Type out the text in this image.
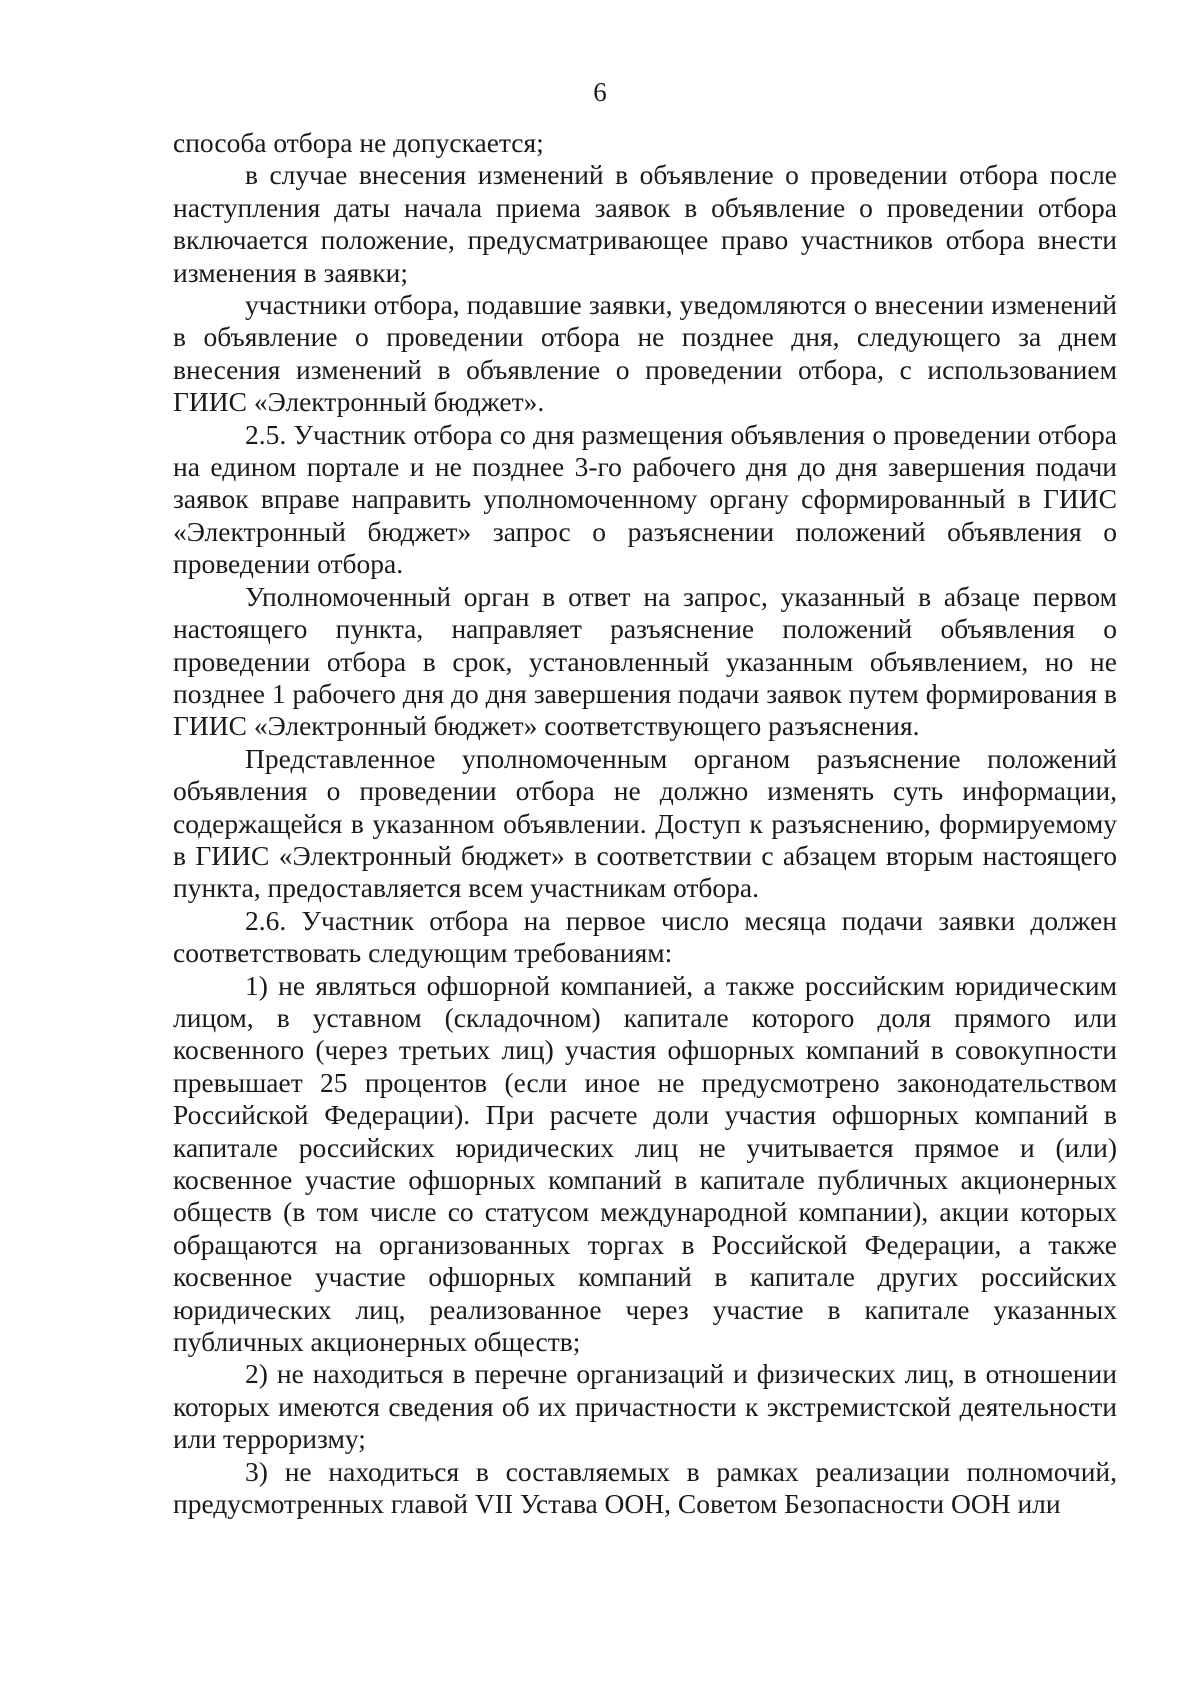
6

способа отбора не допускается;

в случае внесения изменений в объявление о проведении отбора после наступления даты начала приема заявок в объявление о проведении отбора включается положение, предусматривающее право участников отбора внести изменения в заявки;

участники отбора, подавшие заявки, уведомляются о внесении изменений в объявление о проведении отбора не позднее дня, следующего за днем внесения изменений в объявление о проведении отбора, с использованием ГИИС «Электронный бюджет».

2.5. Участник отбора со дня размещения объявления о проведении отбора на едином портале и не позднее 3-го рабочего дня до дня завершения подачи заявок вправе направить уполномоченному органу сформированный в ГИИС «Электронный бюджет» запрос о разъяснении положений объявления о проведении отбора.

Уполномоченный орган в ответ на запрос, указанный в абзаце первом настоящего пункта, направляет разъяснение положений объявления о проведении отбора в срок, установленный указанным объявлением, но не позднее 1 рабочего дня до дня завершения подачи заявок путем формирования в ГИИС «Электронный бюджет» соответствующего разъяснения.

Представленное уполномоченным органом разъяснение положений объявления о проведении отбора не должно изменять суть информации, содержащейся в указанном объявлении. Доступ к разъяснению, формируемому в ГИИС «Электронный бюджет» в соответствии с абзацем вторым настоящего пункта, предоставляется всем участникам отбора.

2.6. Участник отбора на первое число месяца подачи заявки должен соответствовать следующим требованиям:

1) не являться офшорной компанией, а также российским юридическим лицом, в уставном (складочном) капитале которого доля прямого или косвенного (через третьих лиц) участия офшорных компаний в совокупности превышает 25 процентов (если иное не предусмотрено законодательством Российской Федерации). При расчете доли участия офшорных компаний в капитале российских юридических лиц не учитывается прямое и (или) косвенное участие офшорных компаний в капитале публичных акционерных обществ (в том числе со статусом международной компании), акции которых обращаются на организованных торгах в Российской Федерации, а также косвенное участие офшорных компаний в капитале других российских юридических лиц, реализованное через участие в капитале указанных публичных акционерных обществ;

2) не находиться в перечне организаций и физических лиц, в отношении которых имеются сведения об их причастности к экстремистской деятельности или терроризму;

3) не находиться в составляемых в рамках реализации полномочий, предусмотренных главой VII Устава ООН, Советом Безопасности ООН или
